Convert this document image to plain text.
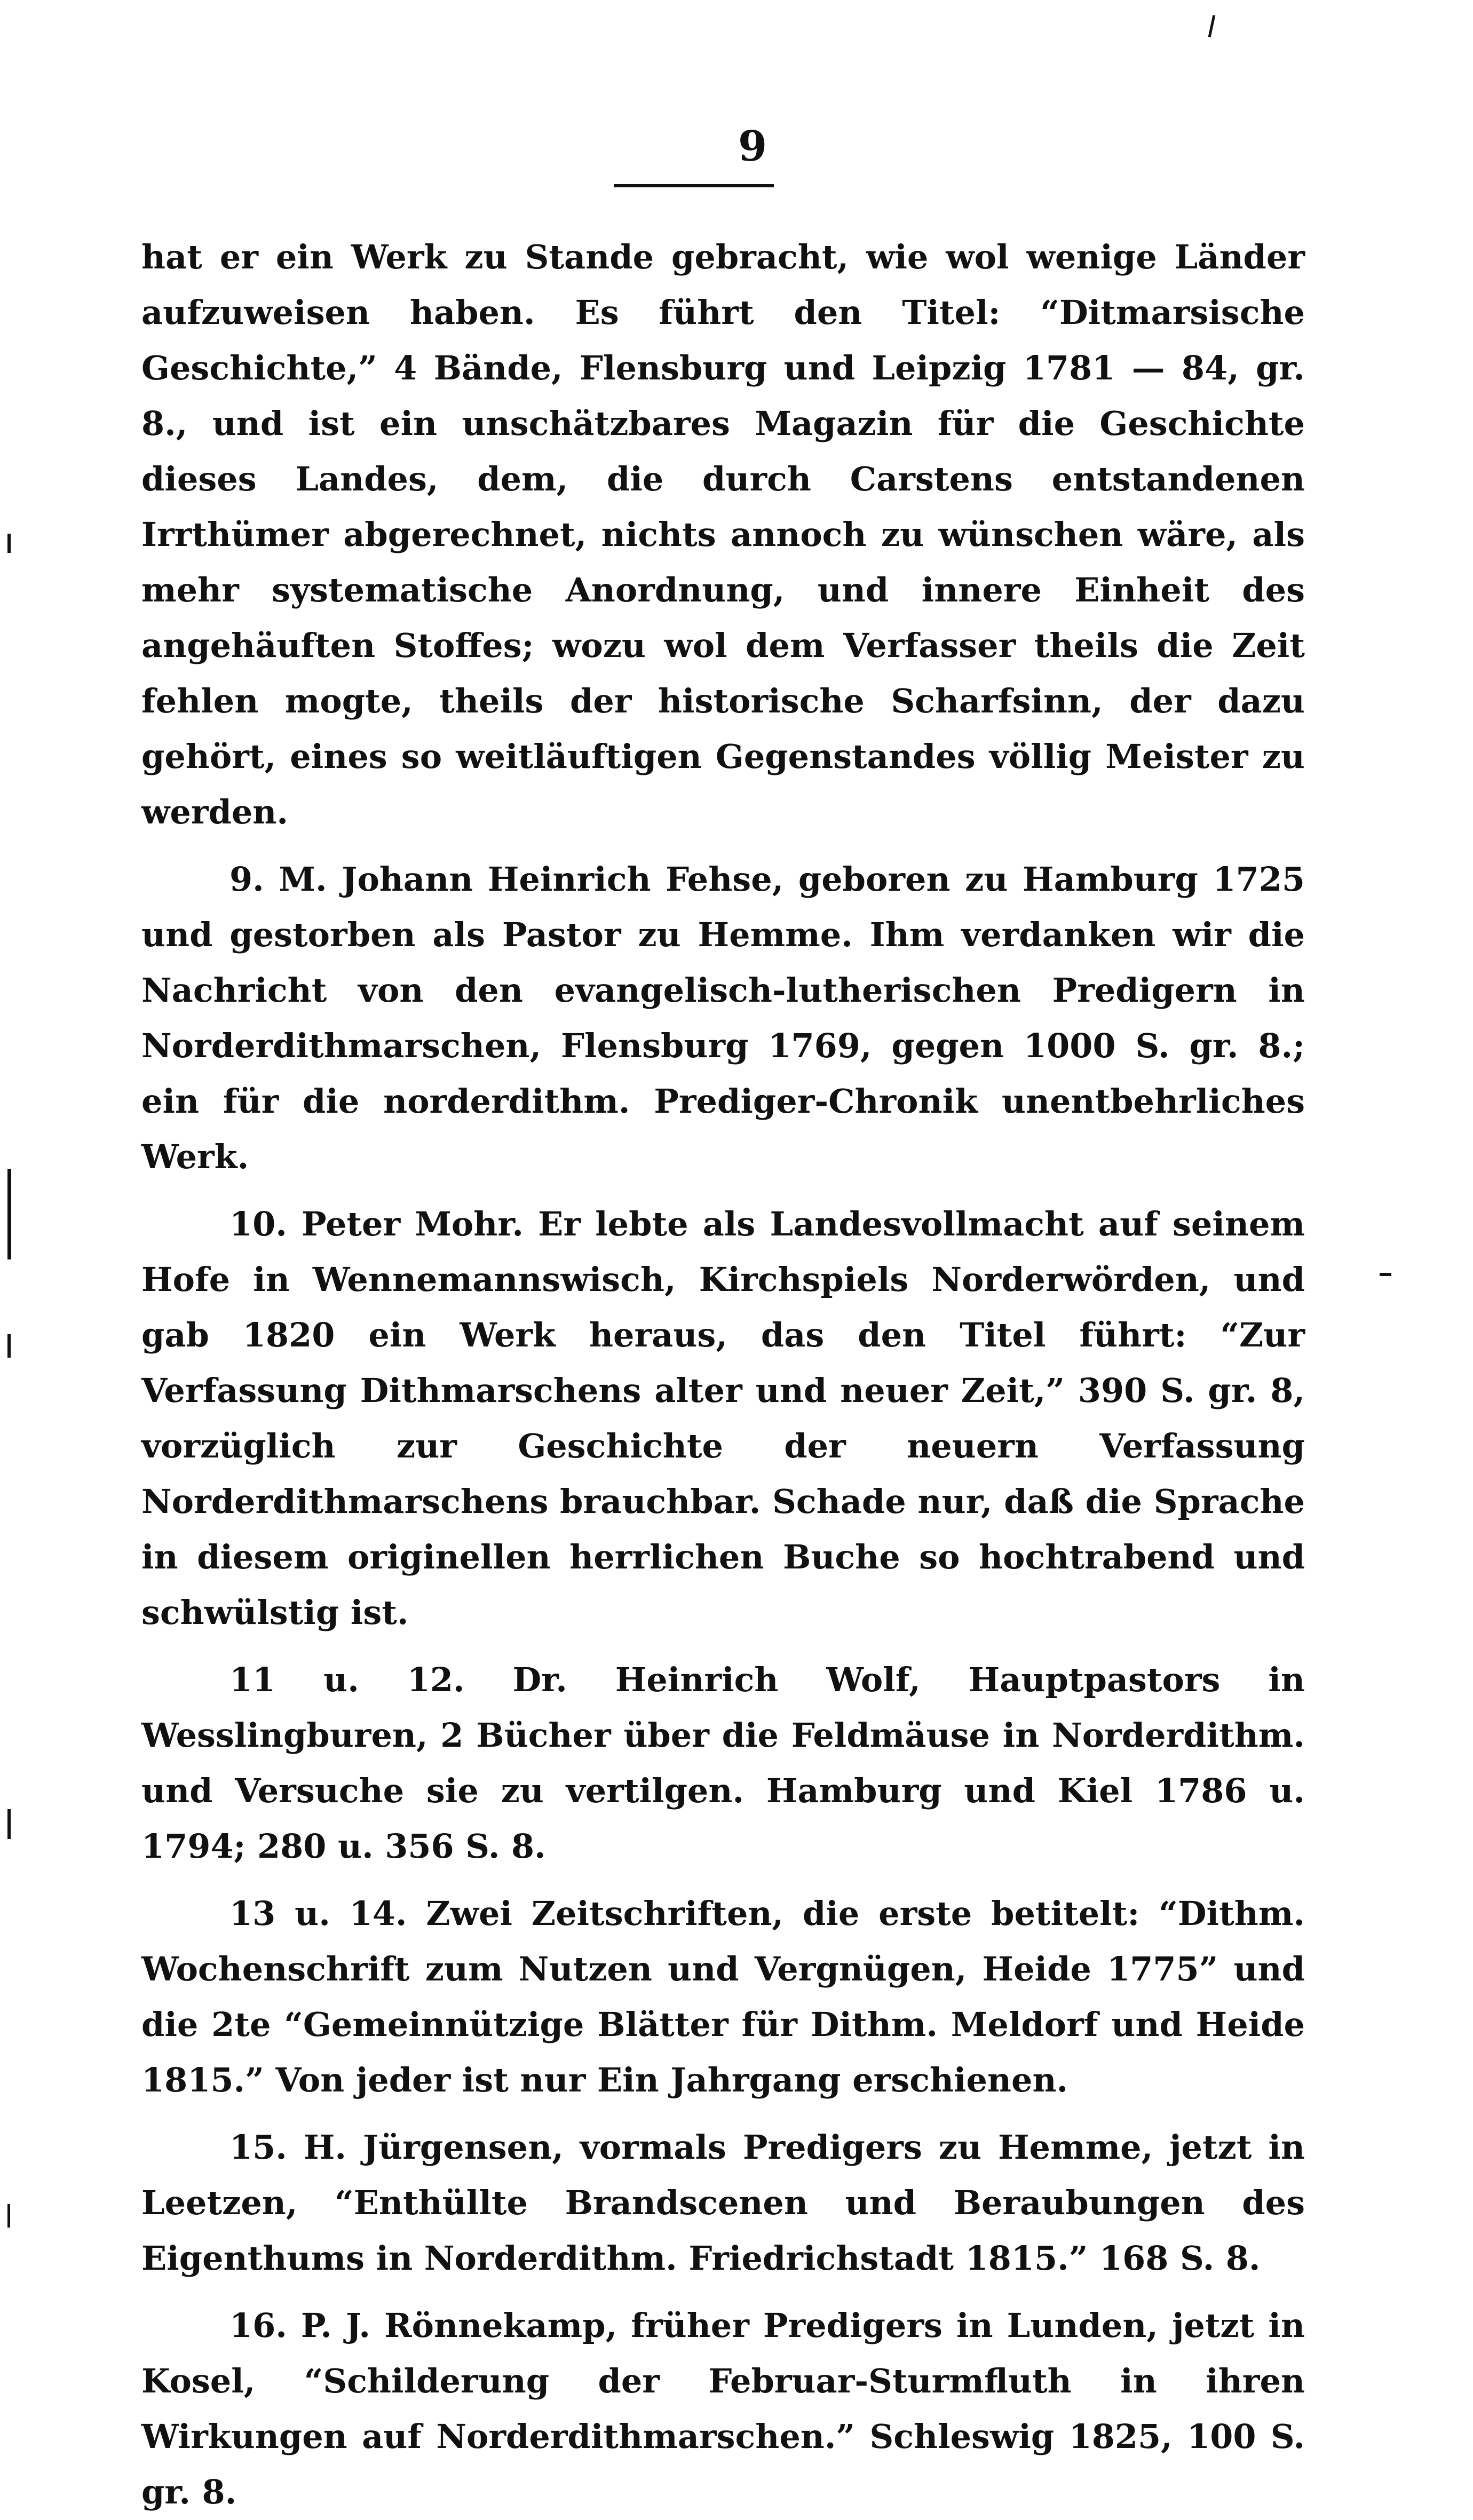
9

hat er ein Werk zu Stande gebracht, wie wol wenige Länder aufzuweisen haben. Es führt den Titel: “Ditmarsische Geschichte,” 4 Bände, Flensburg und Leipzig 1781 — 84, gr. 8., und ist ein unschätzbares Magazin für die Geschichte dieses Landes, dem, die durch Carstens entstandenen Irrthümer abgerechnet, nichts annoch zu wünschen wäre, als mehr systematische Anordnung, und innere Einheit des angehäuften Stoffes; wozu wol dem Verfasser theils die Zeit fehlen mogte, theils der historische Scharfsinn, der dazu gehört, eines so weitläuftigen Gegenstandes völlig Meister zu werden.

9. M. Johann Heinrich Fehse, geboren zu Hamburg 1725 und gestorben als Pastor zu Hemme. Ihm verdanken wir die Nachricht von den evangelisch-lutherischen Predigern in Norderdithmarschen, Flensburg 1769, gegen 1000 S. gr. 8.; ein für die norderdithm. Prediger-Chronik unentbehrliches Werk.

10. Peter Mohr. Er lebte als Landesvollmacht auf seinem Hofe in Wennemannswisch, Kirchspiels Norderwörden, und gab 1820 ein Werk heraus, das den Titel führt: “Zur Verfassung Dithmarschens alter und neuer Zeit,” 390 S. gr. 8, vorzüglich zur Geschichte der neuern Verfassung Norderdithmarschens brauchbar. Schade nur, daß die Sprache in diesem originellen herrlichen Buche so hochtrabend und schwülstig ist.

11 u. 12. Dr. Heinrich Wolf, Hauptpastors in Wesslingburen, 2 Bücher über die Feldmäuse in Norderdithm. und Versuche sie zu vertilgen. Hamburg und Kiel 1786 u. 1794; 280 u. 356 S. 8.

13 u. 14. Zwei Zeitschriften, die erste betitelt: “Dithm. Wochenschrift zum Nutzen und Vergnügen, Heide 1775” und die 2te “Gemeinnützige Blätter für Dithm. Meldorf und Heide 1815.” Von jeder ist nur Ein Jahrgang erschienen.

15. H. Jürgensen, vormals Predigers zu Hemme, jetzt in Leetzen, “Enthüllte Brandscenen und Beraubungen des Eigenthums in Norderdithm. Friedrichstadt 1815.” 168 S. 8.

16. P. J. Rönnekamp, früher Predigers in Lunden, jetzt in Kosel, “Schilderung der Februar-Sturmfluth in ihren Wirkungen auf Norderdithmarschen.” Schleswig 1825, 100 S. gr. 8.
